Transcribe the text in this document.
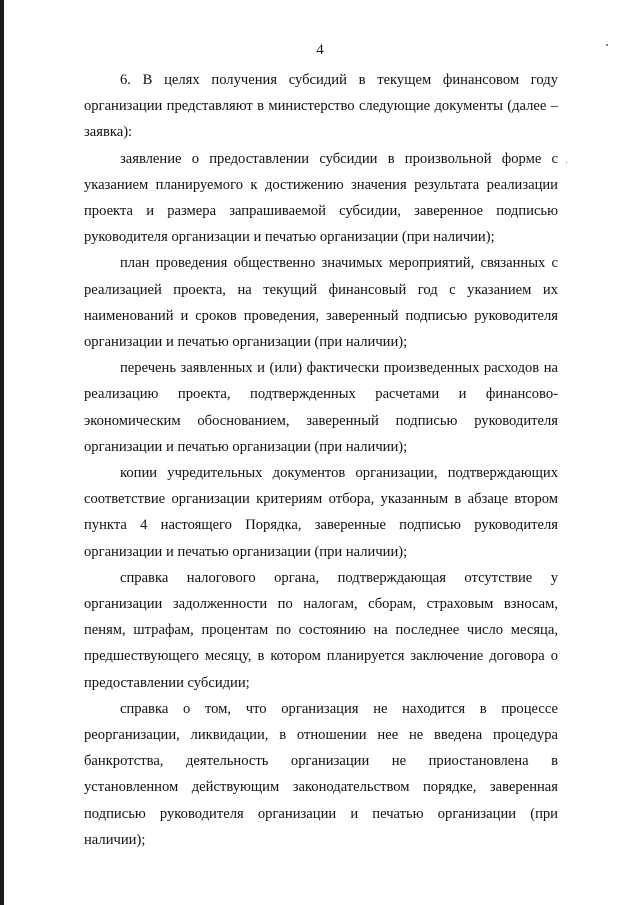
4

6. В целях получения субсидий в текущем финансовом году организации представляют в министерство следующие документы (далее – заявка):

заявление о предоставлении субсидии в произвольной форме с указанием планируемого к достижению значения результата реализации проекта и размера запрашиваемой субсидии, заверенное подписью руководителя организации и печатью организации (при наличии);

план проведения общественно значимых мероприятий, связанных с реализацией проекта, на текущий финансовый год с указанием их наименований и сроков проведения, заверенный подписью руководителя организации и печатью организации (при наличии);

перечень заявленных и (или) фактически произведенных расходов на реализацию проекта, подтвержденных расчетами и финансово-экономическим обоснованием, заверенный подписью руководителя организации и печатью организации (при наличии);

копии учредительных документов организации, подтверждающих соответствие организации критериям отбора, указанным в абзаце втором пункта 4 настоящего Порядка, заверенные подписью руководителя организации и печатью организации (при наличии);

справка налогового органа, подтверждающая отсутствие у организации задолженности по налогам, сборам, страховым взносам, пеням, штрафам, процентам по состоянию на последнее число месяца, предшествующего месяцу, в котором планируется заключение договора о предоставлении субсидии;

справка о том, что организация не находится в процессе реорганизации, ликвидации, в отношении нее не введена процедура банкротства, деятельность организации не приостановлена в установленном действующим законодательством порядке, заверенная подписью руководителя организации и печатью организации (при наличии);
